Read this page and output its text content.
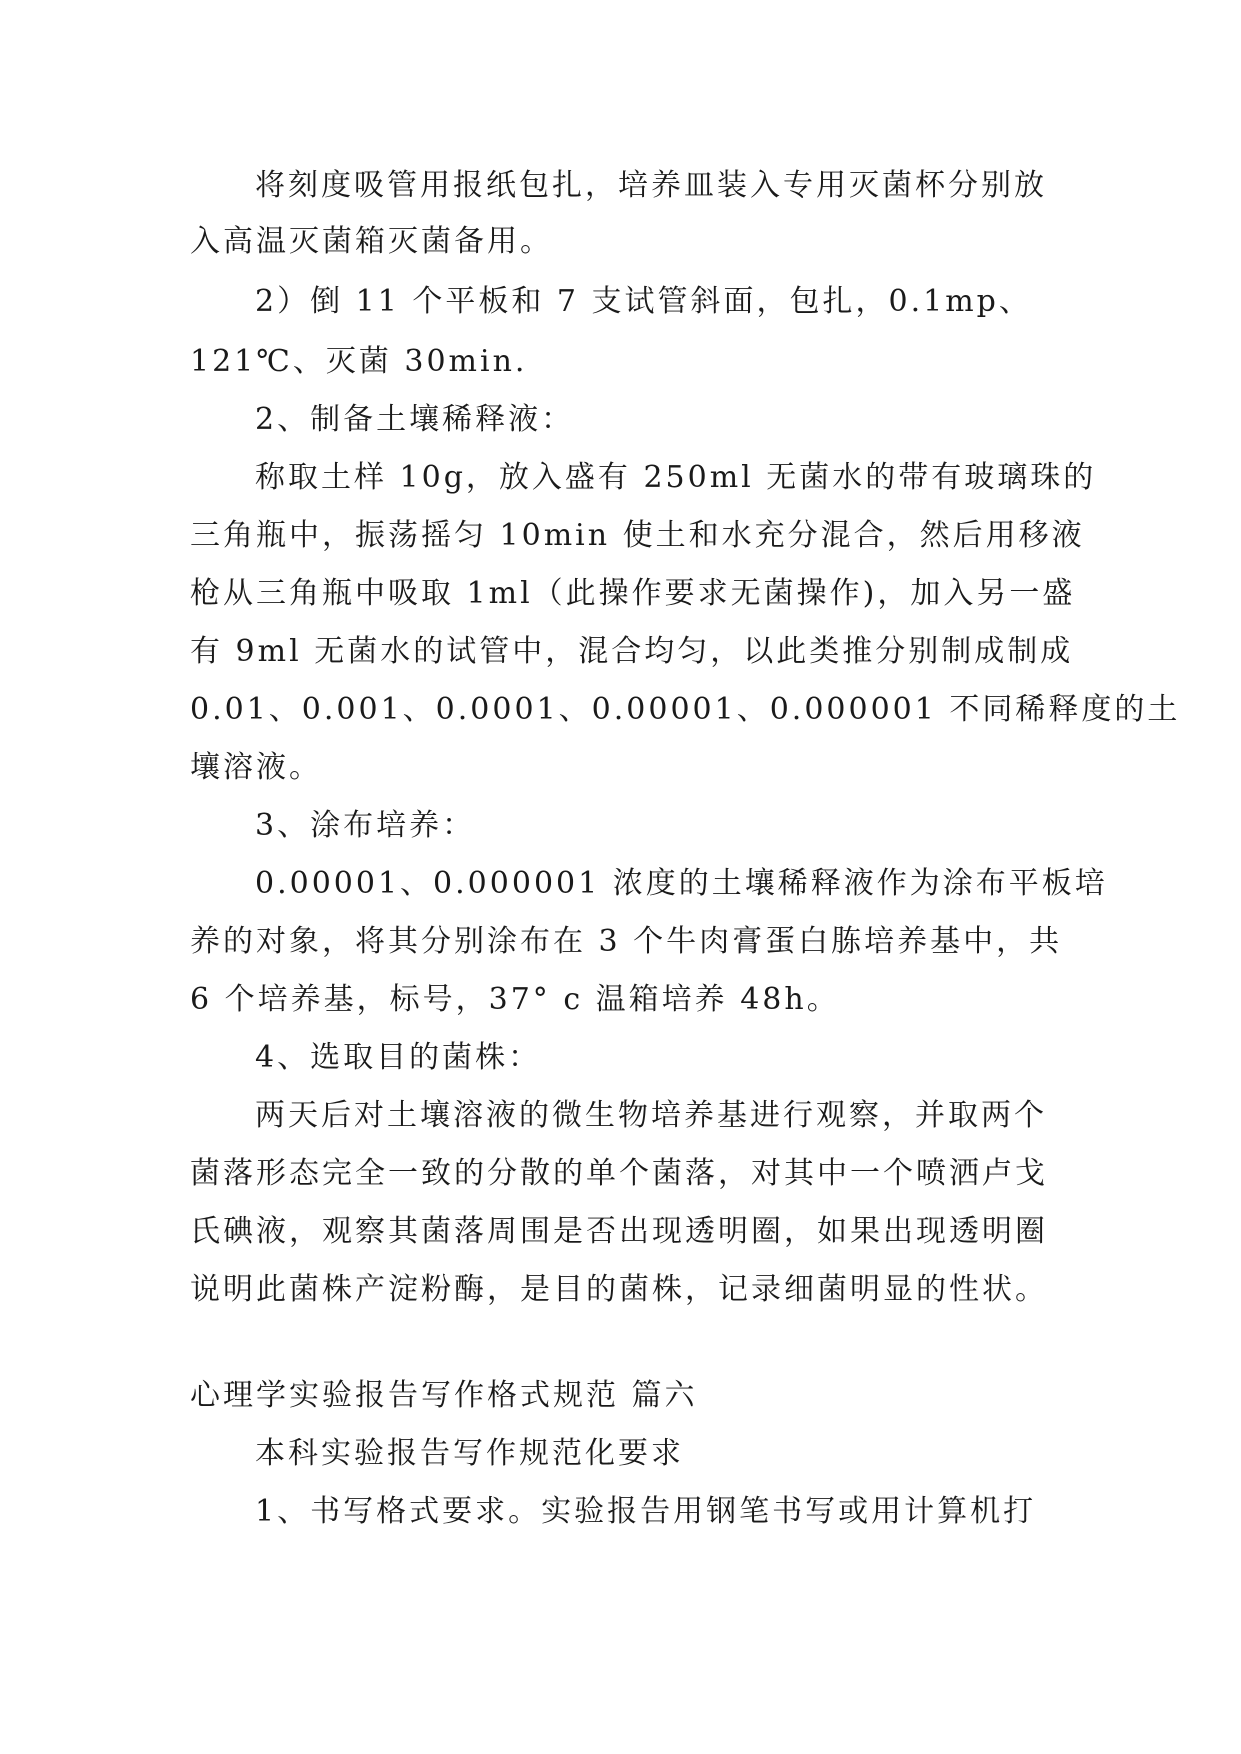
将刻度吸管用报纸包扎，培养皿装入专用灭菌杯分别放
入高温灭菌箱灭菌备用。
2）倒 11 个平板和 7 支试管斜面，包扎，0.1mp、
121℃、灭菌 30min.
2、制备土壤稀释液：
称取土样 10g，放入盛有 250ml 无菌水的带有玻璃珠的
三角瓶中，振荡摇匀 10min 使土和水充分混合，然后用移液
枪从三角瓶中吸取 1ml（此操作要求无菌操作)，加入另一盛
有 9ml 无菌水的试管中，混合均匀，以此类推分别制成制成
0.01、0.001、0.0001、0.00001、0.000001 不同稀释度的土
壤溶液。
3、涂布培养：
0.00001、0.000001 浓度的土壤稀释液作为涂布平板培
养的对象，将其分别涂布在 3 个牛肉膏蛋白胨培养基中，共
6 个培养基，标号，37° c 温箱培养 48h。
4、选取目的菌株：
两天后对土壤溶液的微生物培养基进行观察，并取两个
菌落形态完全一致的分散的单个菌落，对其中一个喷洒卢戈
氏碘液，观察其菌落周围是否出现透明圈，如果出现透明圈
说明此菌株产淀粉酶，是目的菌株，记录细菌明显的性状。
心理学实验报告写作格式规范 篇六
本科实验报告写作规范化要求
1、书写格式要求。实验报告用钢笔书写或用计算机打
